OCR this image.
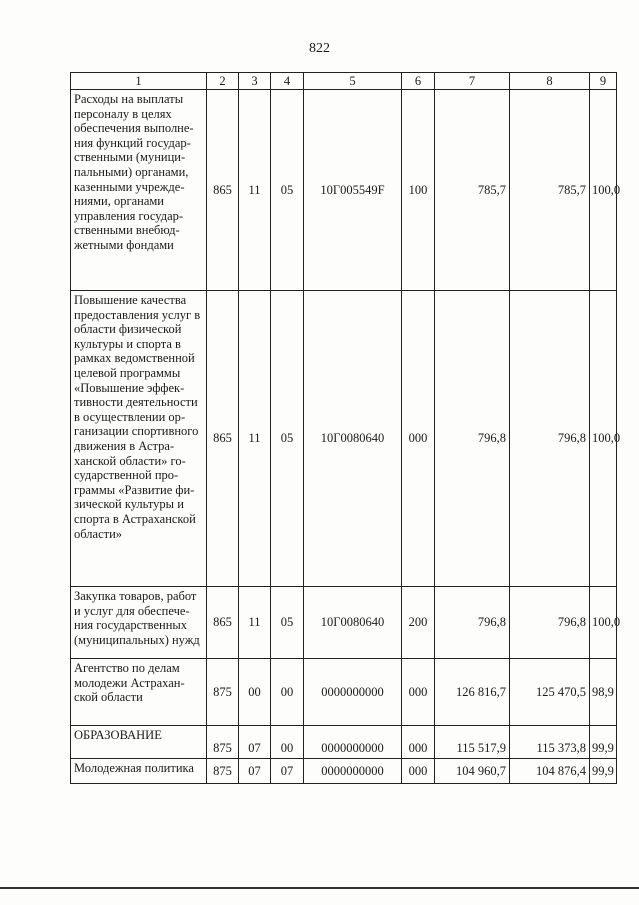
822
1	2	3	4	5	6	7	8	9
Расходы на выплаты персоналу в целях обеспечения выполнения функций государственными (муниципальными) органами, казенными учреждениями, органами управления государственными внебюджетными фондами	865	11	05	10Г005549F	100	785,7	785,7	100,0
Повышение качества предоставления услуг в области физической культуры и спорта в рамках ведомственной целевой программы «Повышение эффективности деятельности в осуществлении организации спортивного движения в Астраханской области» государственной программы «Развитие физической культуры и спорта в Астраханской области»	865	11	05	10Г0080640	000	796,8	796,8	100,0
Закупка товаров, работ и услуг для обеспечения государственных (муниципальных) нужд	865	11	05	10Г0080640	200	796,8	796,8	100,0
Агентство по делам молодежи Астраханской области	875	00	00	0000000000	000	126 816,7	125 470,5	98,9
ОБРАЗОВАНИЕ	875	07	00	0000000000	000	115 517,9	115 373,8	99,9
Молодежная политика	875	07	07	0000000000	000	104 960,7	104 876,4	99,9
